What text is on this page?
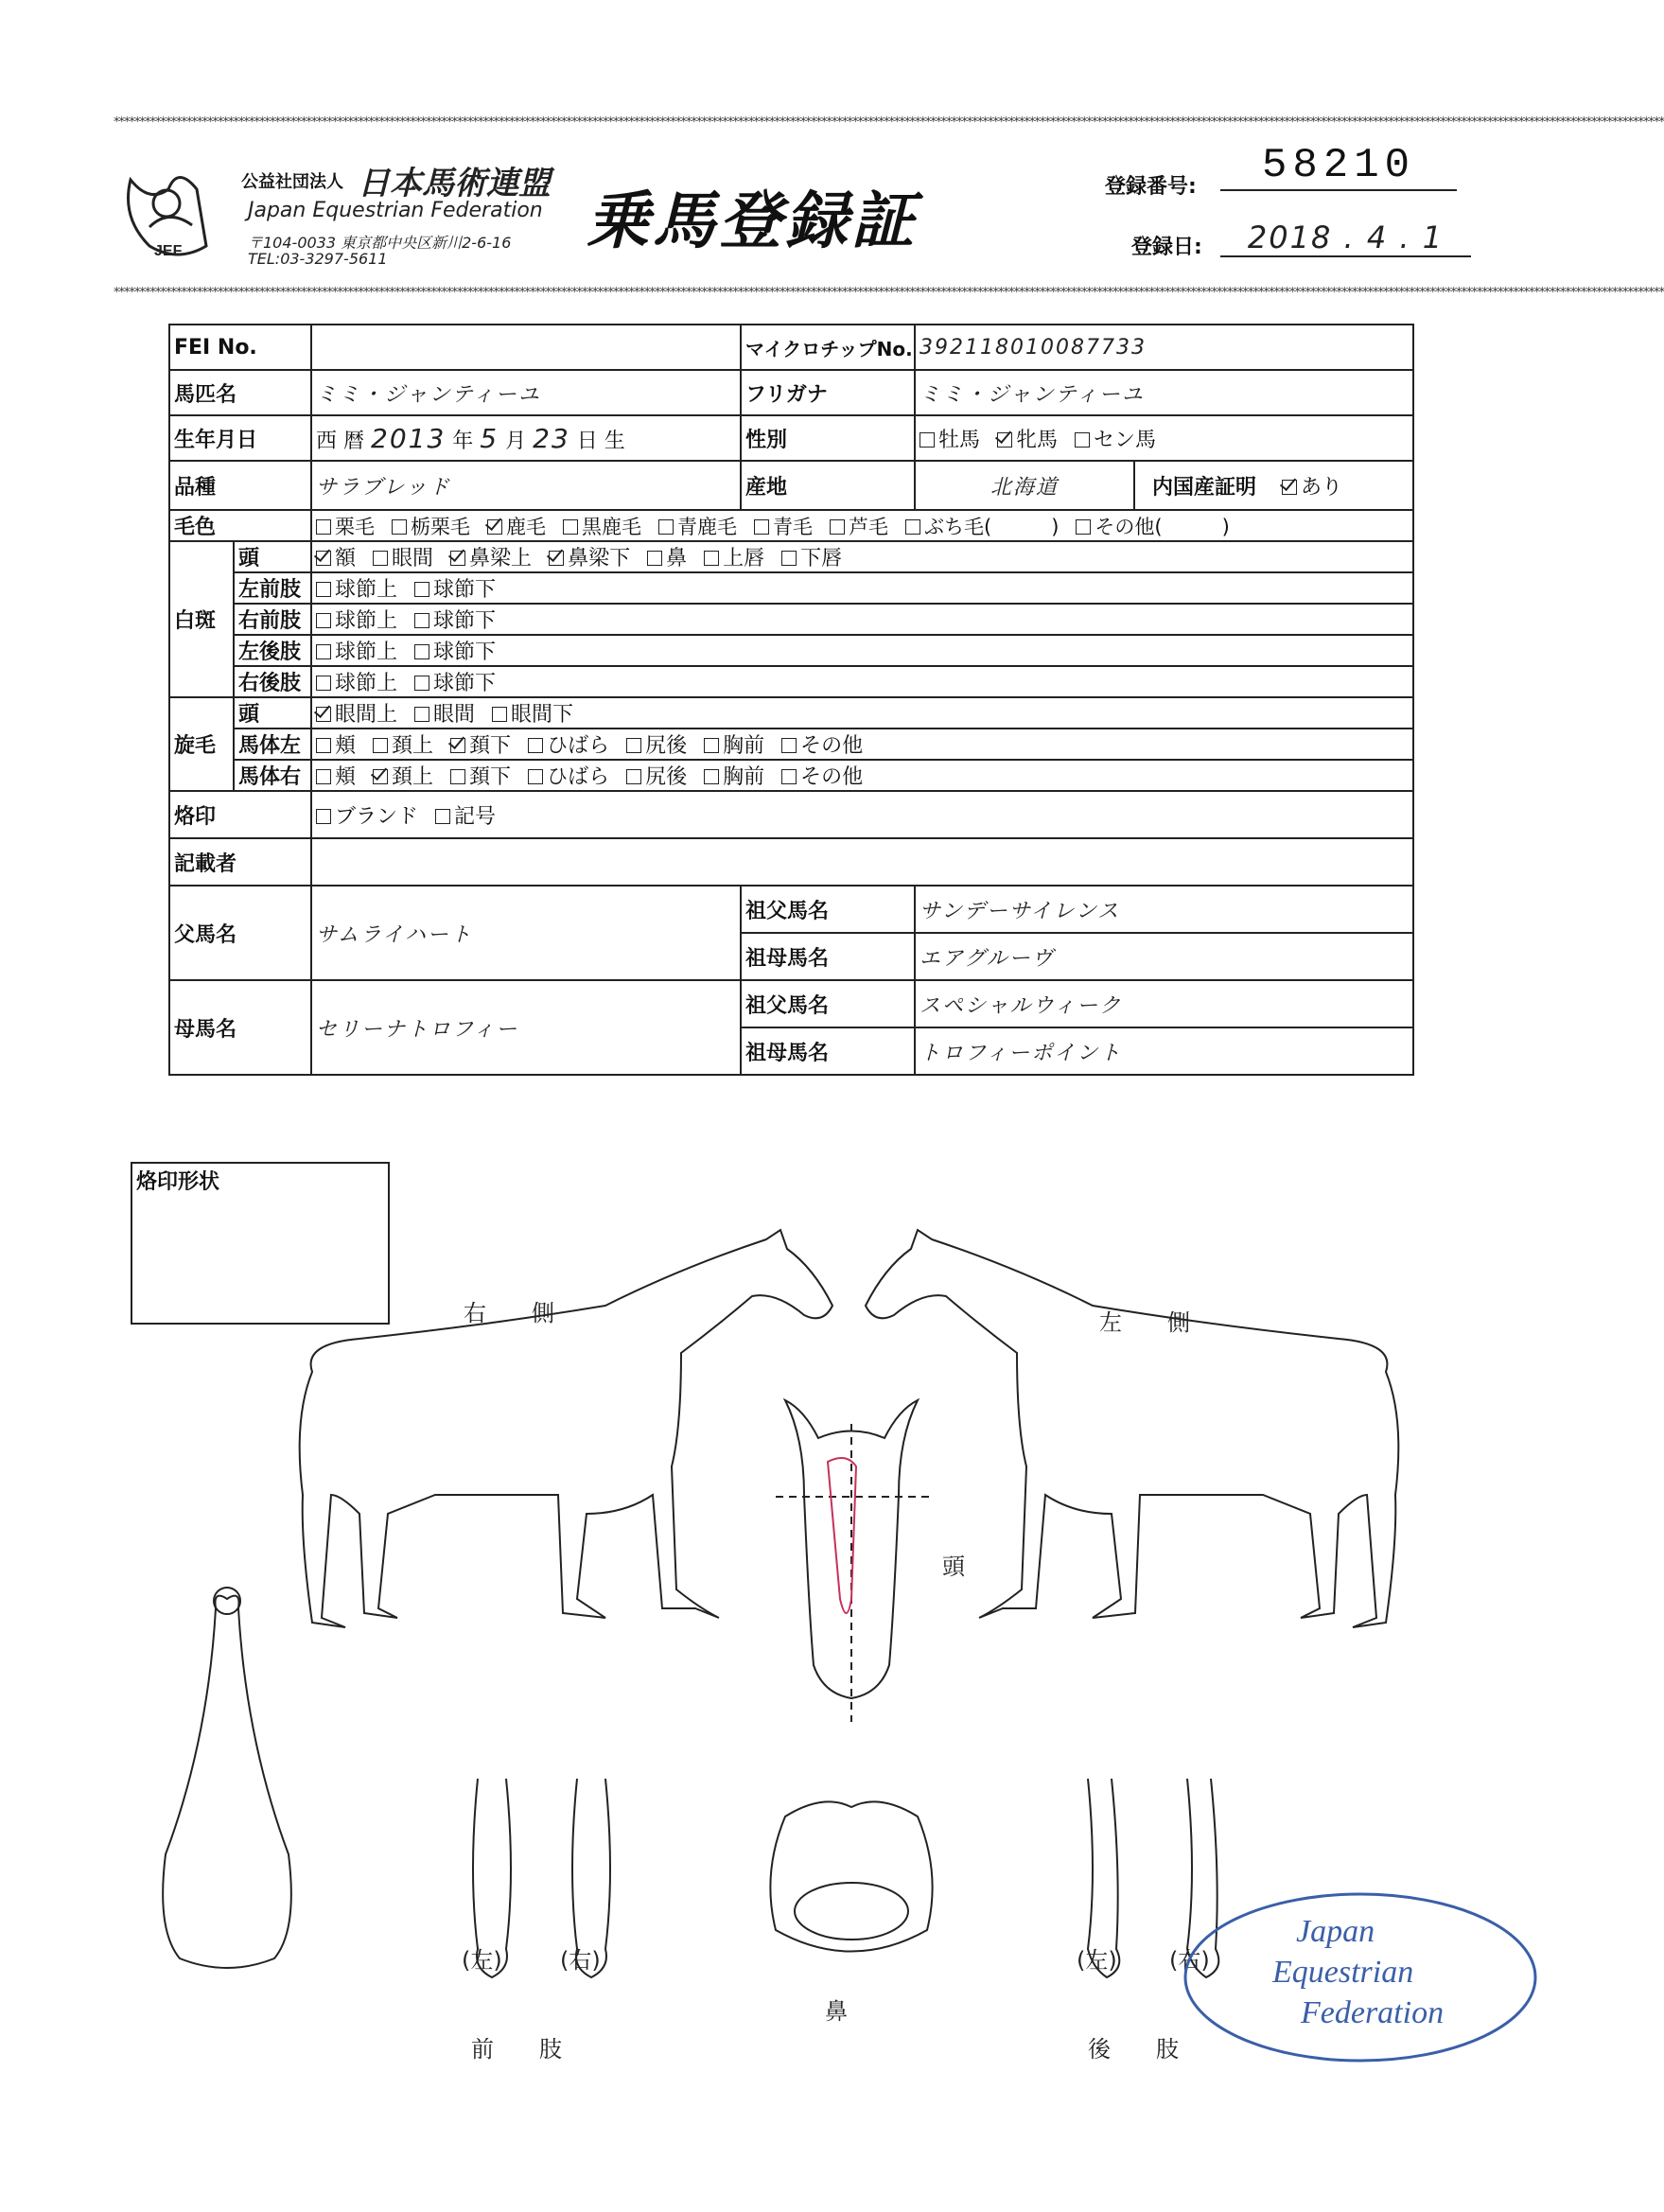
**********************************************************************************************************************************************************************************************************************************************************************************************************
**********************************************************************************************************************************************************************************************************************************************************************************************************
JEF
公益社団法人 日本馬術連盟
Japan Equestrian Federation
〒104-0033 東京都中央区新川2-6-16
TEL:03-3297-5611
乗馬登録証	登録番号:	58210
登録日:	2018 . 4 . 1
FEI No.			マイクロチップNo.	392118010087733	
馬匹名		ミミ・ジャンティーユ	フリガナ	ミミ・ジャンティーユ	
生年月日		西 暦 2013 年 5 月 23 日 生	性別	牡馬 牝馬 セン馬	
品種		サラブレッド	産地	北海道	内国産証明 あり
毛色		栗毛 栃栗毛 鹿毛 黒鹿毛 青鹿毛 青毛 芦毛 ぶち毛(　　　) その他(　　　)			
白斑	頭	額 眼間 鼻梁上 鼻梁下 鼻 上唇 下唇			
	左前肢	球節上 球節下			
	右前肢	球節上 球節下			
	左後肢	球節上 球節下			
	右後肢	球節上 球節下			
旋毛	頭	眼間上 眼間 眼間下			
	馬体左	頬 頚上 頚下 ひばら 尻後 胸前 その他			
	馬体右	頬 頚上 頚下 ひばら 尻後 胸前 その他			
烙印		ブランド 記号			
記載者					
父馬名		サムライハート	祖父馬名	サンデーサイレンス	
			祖母馬名	エアグルーヴ	
母馬名		セリーナトロフィー	祖父馬名	スペシャルウィーク	
			祖母馬名	トロフィーポイント	
烙印形状
右　　側	左　　側
頭
鼻
(左)	(右)
前　　肢
(左) (右)
後　　肢
Japan
Equestrian
Federation
